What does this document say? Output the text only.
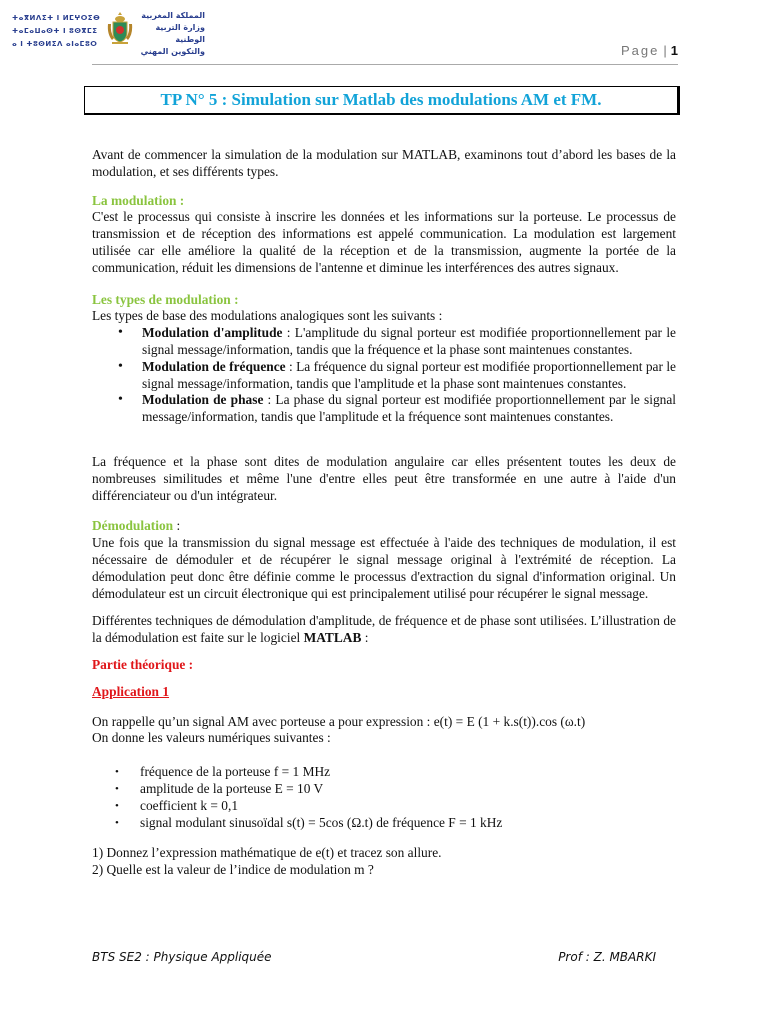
ⵜⴰⴳⵍⴷⵉⵜ ⵏ ⵍⵎⵖⵔⵉⴱ
ⵜⴰⵎⴰⵡⴰⵙⵜ ⵏ ⵓⵙⴳⵎⵉ
ⴰ ⵏ ⵜⵓⵙⵍⵉⴷ ⴰⵏⴰⵎⵓⵔ
المملكة المغربية
وزارة التربية الوطنية
والتكوين المهني	Page | 1
TP N° 5 : Simulation sur Matlab des modulations AM et FM.

Avant de commencer la simulation de la modulation sur MATLAB, examinons tout d’abord les bases de la modulation, et ses différents types.

La modulation :

C'est le processus qui consiste à inscrire les données et les informations sur la porteuse. Le processus de transmission et de réception des informations est appelé communication. La modulation est largement utilisée car elle améliore la qualité de la réception et de la transmission, augmente la portée de la communication, réduit les dimensions de l'antenne et diminue les interférences des autres signaux.

Les types de modulation :

Les types de base des modulations analogiques sont les suivants :

• Modulation d'amplitude : L'amplitude du signal porteur est modifiée proportionnellement par le signal message/information, tandis que la fréquence et la phase sont maintenues constantes.
• Modulation de fréquence : La fréquence du signal porteur est modifiée proportionnellement par le signal message/information, tandis que l'amplitude et la phase sont maintenues constantes.
• Modulation de phase : La phase du signal porteur est modifiée proportionnellement par le signal message/information, tandis que l'amplitude et la fréquence sont maintenues constantes.

La fréquence et la phase sont dites de modulation angulaire car elles présentent toutes les deux de nombreuses similitudes et même l'une d'entre elles peut être transformée en une autre à l'aide d'un différenciateur ou d'un intégrateur.

Démodulation :

Une fois que la transmission du signal message est effectuée à l'aide des techniques de modulation, il est nécessaire de démoduler et de récupérer le signal message original à l'extrémité de réception. La démodulation peut donc être définie comme le processus d'extraction du signal d'information original. Un démodulateur est un circuit électronique qui est principalement utilisé pour récupérer le signal message.

Différentes techniques de démodulation d'amplitude, de fréquence et de phase sont utilisées. L’illustration de la démodulation est faite sur le logiciel MATLAB :

Partie théorique :

Application 1

On rappelle qu’un signal AM avec porteuse a pour expression : e(t) = E (1 + k.s(t)).cos (ω.t)

On donne les valeurs numériques suivantes :

• fréquence de la porteuse f = 1 MHz
• amplitude de la porteuse E = 10 V
• coefficient k = 0,1
• signal modulant sinusoïdal s(t) = 5cos (Ω.t) de fréquence F = 1 kHz

1) Donnez l’expression mathématique de e(t) et tracez son allure.

2) Quelle est la valeur de l’indice de modulation m ?

BTS SE2 : Physique Appliquée	Prof : Z. MBARKI
